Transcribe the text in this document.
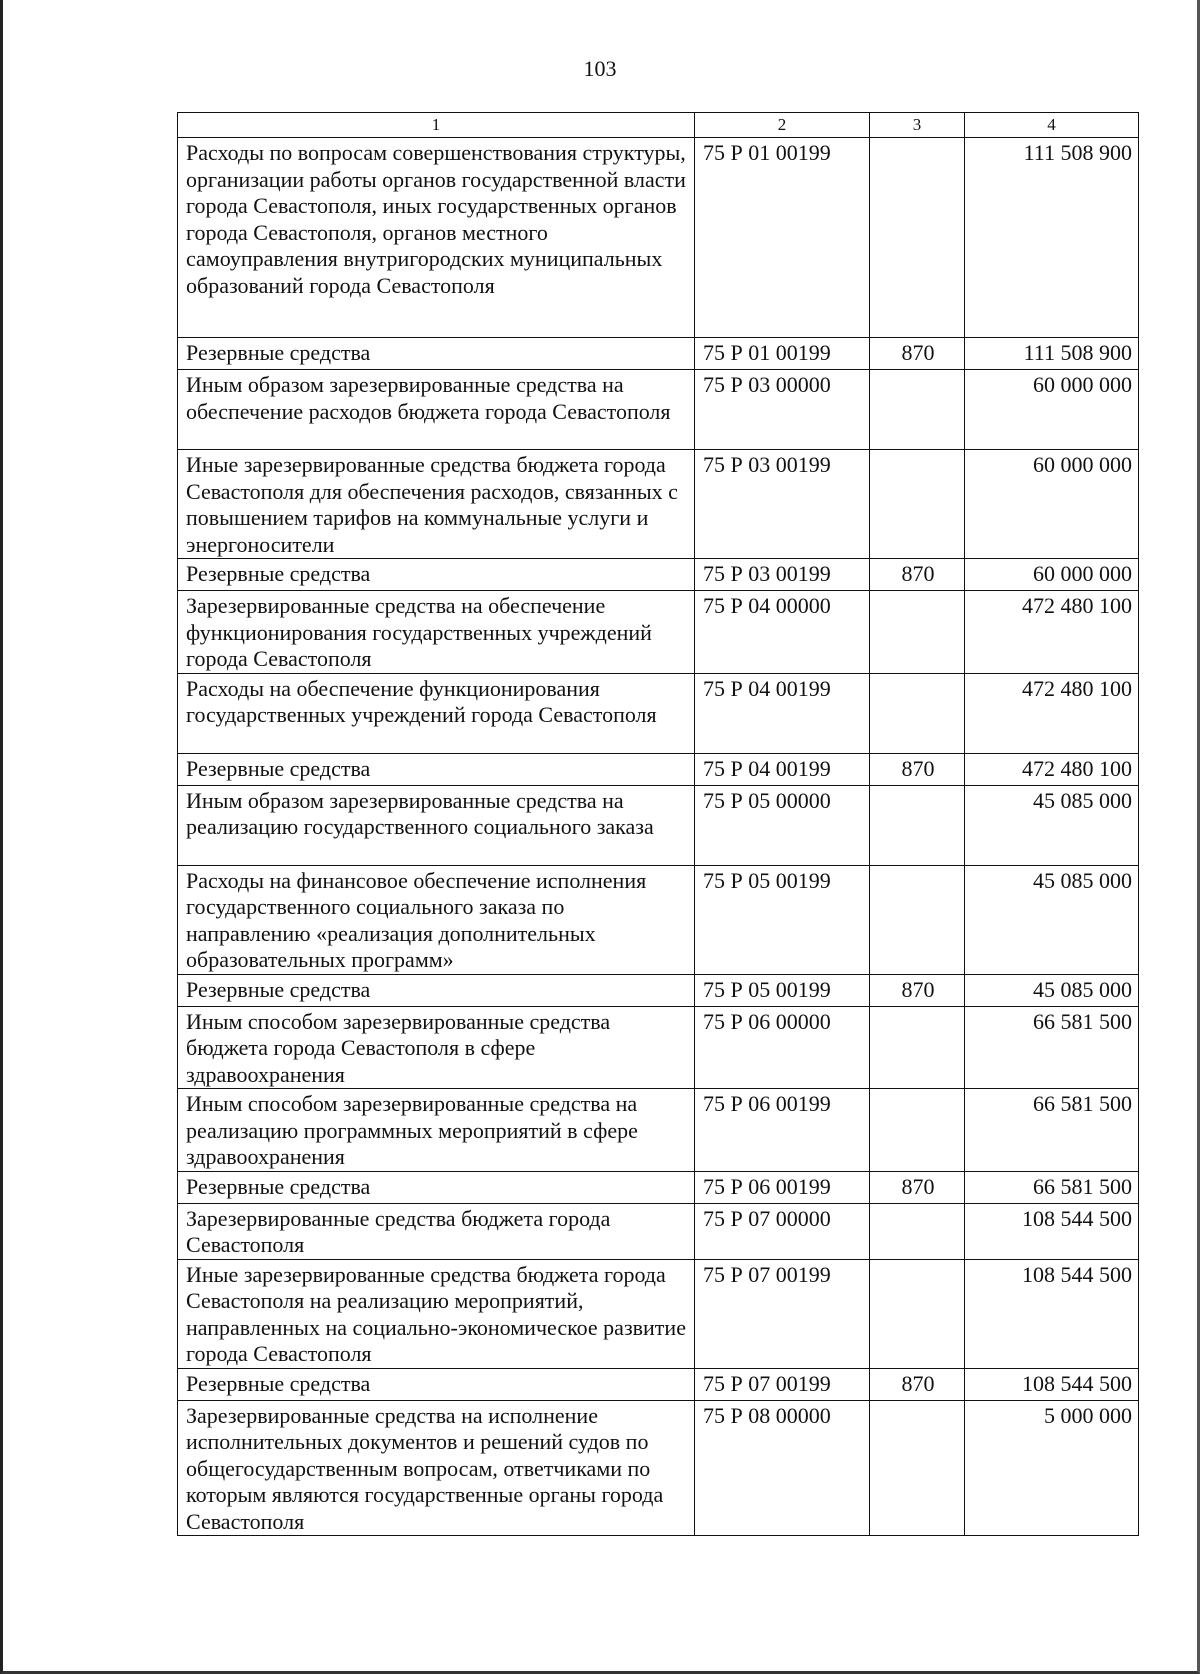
103
1	2	3	4
Расходы по вопросам совершенствования структуры, организации работы органов государственной власти города Севастополя, иных государственных органов города Севастополя, органов местного самоуправления внутригородских муниципальных образований города Севастополя	75 Р 01 00199		111 508 900
Резервные средства	75 Р 01 00199	870	111 508 900
Иным образом зарезервированные средства на обеспечение расходов бюджета города Севастополя	75 Р 03 00000		60 000 000
Иные зарезервированные средства бюджета города Севастополя для обеспечения расходов, связанных с повышением тарифов на коммунальные услуги и энергоносители	75 Р 03 00199		60 000 000
Резервные средства	75 Р 03 00199	870	60 000 000
Зарезервированные средства на обеспечение функционирования государственных учреждений города Севастополя	75 Р 04 00000		472 480 100
Расходы на обеспечение функционирования государственных учреждений города Севастополя	75 Р 04 00199		472 480 100
Резервные средства	75 Р 04 00199	870	472 480 100
Иным образом зарезервированные средства на реализацию государственного социального заказа	75 Р 05 00000		45 085 000
Расходы на финансовое обеспечение исполнения государственного социального заказа по направлению «реализация дополнительных образовательных программ»	75 Р 05 00199		45 085 000
Резервные средства	75 Р 05 00199	870	45 085 000
Иным способом зарезервированные средства бюджета города Севастополя в сфере здравоохранения	75 Р 06 00000		66 581 500
Иным способом зарезервированные средства на реализацию программных мероприятий в сфере здравоохранения	75 Р 06 00199		66 581 500
Резервные средства	75 Р 06 00199	870	66 581 500
Зарезервированные средства бюджета города Севастополя	75 Р 07 00000		108 544 500
Иные зарезервированные средства бюджета города Севастополя на реализацию мероприятий, направленных на социально-экономическое развитие города Севастополя	75 Р 07 00199		108 544 500
Резервные средства	75 Р 07 00199	870	108 544 500
Зарезервированные средства на исполнение исполнительных документов и решений судов по общегосударственным вопросам, ответчиками по которым являются государственные органы города Севастополя	75 Р 08 00000		5 000 000
